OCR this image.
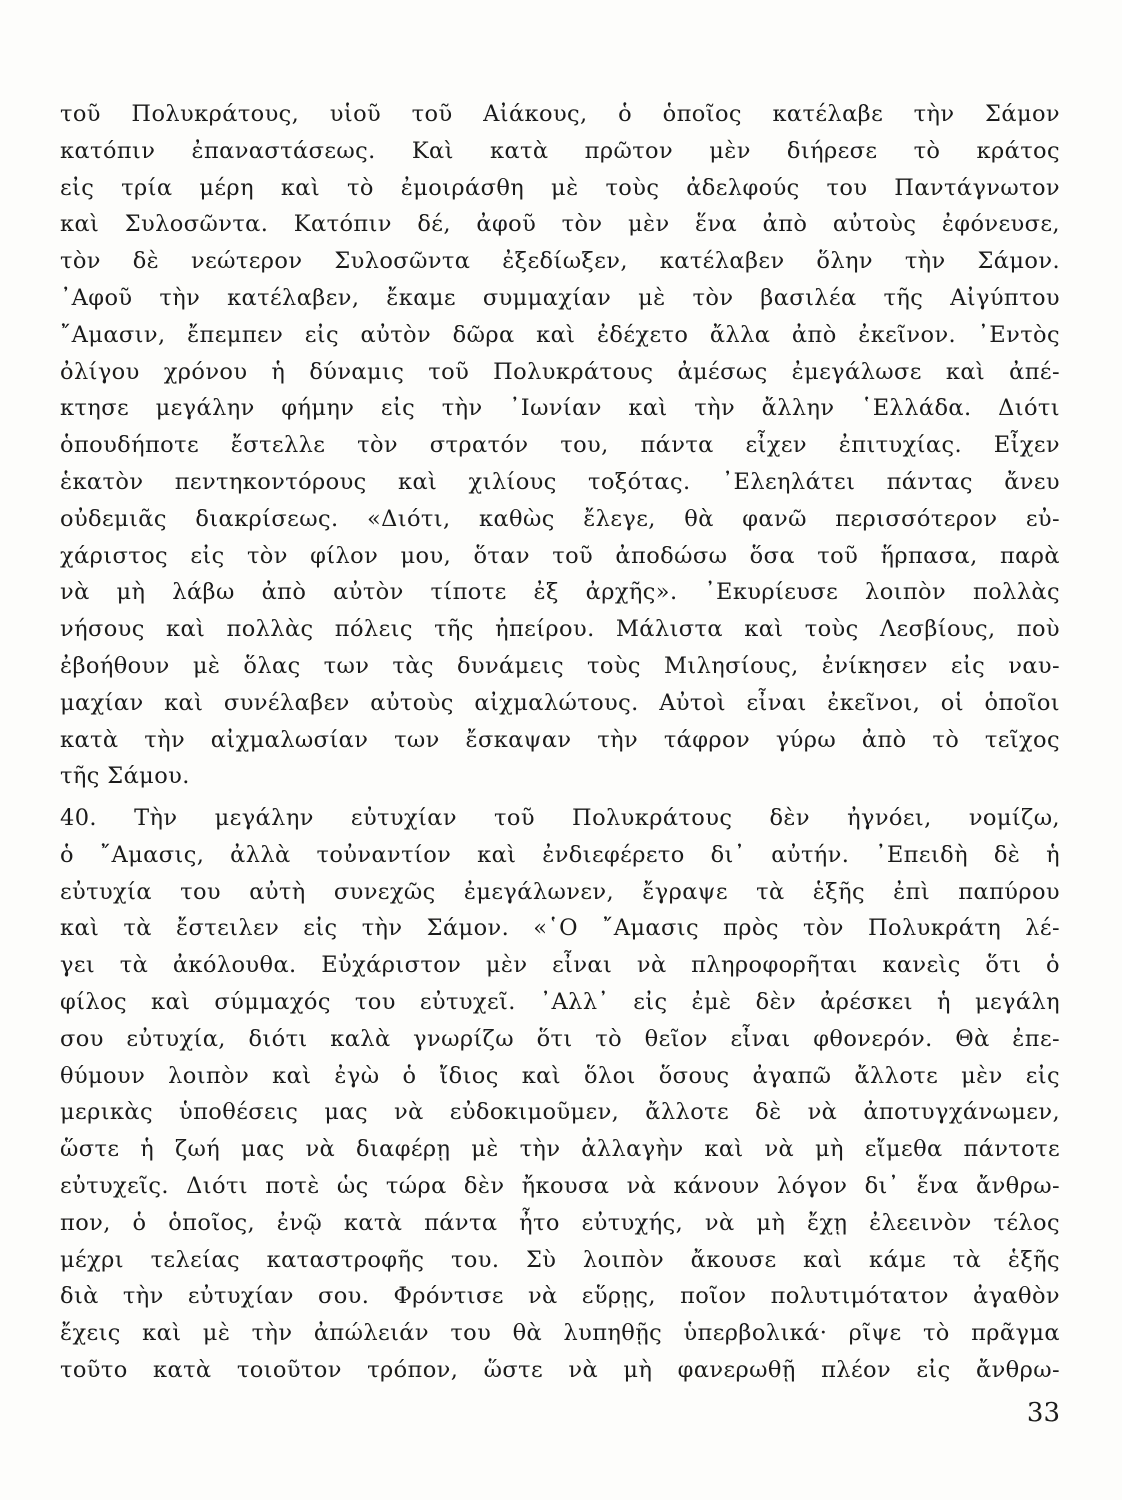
τοῦ Πολυκράτους, υἱοῦ τοῦ Αἰάκους, ὁ ὁποῖος κατέλαβε τὴν Σάμον
κατόπιν ἐπαναστάσεως. Καὶ κατὰ πρῶτον μὲν διήρεσε τὸ κράτος
εἰς τρία μέρη καὶ τὸ ἐμοιράσθη μὲ τοὺς ἀδελφούς του Παντάγνωτον
καὶ Συλοσῶντα. Κατόπιν δέ, ἀφοῦ τὸν μὲν ἕνα ἀπὸ αὐτοὺς ἐφόνευσε,
τὸν δὲ νεώτερον Συλοσῶντα ἐξεδίωξεν, κατέλαβεν ὅλην τὴν Σάμον.
᾿Αφοῦ τὴν κατέλαβεν, ἔκαμε συμμαχίαν μὲ τὸν βασιλέα τῆς Αἰγύπτου
῎Αμασιν, ἔπεμπεν εἰς αὐτὸν δῶρα καὶ ἐδέχετο ἄλλα ἀπὸ ἐκεῖνον. ᾿Εντὸς
ὀλίγου χρόνου ἡ δύναμις τοῦ Πολυκράτους ἀμέσως ἐμεγάλωσε καὶ ἀπέ-
κτησε μεγάλην φήμην εἰς τὴν ᾿Ιωνίαν καὶ τὴν ἄλλην ῾Ελλάδα. Διότι
ὁπουδήποτε ἔστελλε τὸν στρατόν του, πάντα εἶχεν ἐπιτυχίας. Εἶχεν
ἑκατὸν πεντηκοντόρους καὶ χιλίους τοξότας. ᾿Ελεηλάτει πάντας ἄνευ
οὐδεμιᾶς διακρίσεως. «Διότι, καθὼς ἔλεγε, θὰ φανῶ περισσότερον εὐ-
χάριστος εἰς τὸν φίλον μου, ὅταν τοῦ ἀποδώσω ὅσα τοῦ ἥρπασα, παρὰ
νὰ μὴ λάβω ἀπὸ αὐτὸν τίποτε ἐξ ἀρχῆς». ᾿Εκυρίευσε λοιπὸν πολλὰς
νήσους καὶ πολλὰς πόλεις τῆς ἠπείρου. Μάλιστα καὶ τοὺς Λεσβίους, ποὺ
ἐβοήθουν μὲ ὅλας των τὰς δυνάμεις τοὺς Μιλησίους, ἐνίκησεν εἰς ναυ-
μαχίαν καὶ συνέλαβεν αὐτοὺς αἰχμαλώτους. Αὐτοὶ εἶναι ἐκεῖνοι, οἱ ὁποῖοι
κατὰ τὴν αἰχμαλωσίαν των ἔσκαψαν τὴν τάφρον γύρω ἀπὸ τὸ τεῖχος
τῆς Σάμου.
40. Τὴν μεγάλην εὐτυχίαν τοῦ Πολυκράτους δὲν ἠγνόει, νομίζω,
ὁ ῎Αμασις, ἀλλὰ τοὐναντίον καὶ ἐνδιεφέρετο δι᾿ αὐτήν. ᾿Επειδὴ δὲ ἡ
εὐτυχία του αὐτὴ συνεχῶς ἐμεγάλωνεν, ἔγραψε τὰ ἑξῆς ἐπὶ παπύρου
καὶ τὰ ἔστειλεν εἰς τὴν Σάμον. «῾Ο ῎Αμασις πρὸς τὸν Πολυκράτη λέ-
γει τὰ ἀκόλουθα. Εὐχάριστον μὲν εἶναι νὰ πληροφορῆται κανεὶς ὅτι ὁ
φίλος καὶ σύμμαχός του εὐτυχεῖ. ᾿Αλλ᾿ εἰς ἐμὲ δὲν ἀρέσκει ἡ μεγάλη
σου εὐτυχία, διότι καλὰ γνωρίζω ὅτι τὸ θεῖον εἶναι φθονερόν. Θὰ ἐπε-
θύμουν λοιπὸν καὶ ἐγὼ ὁ ἴδιος καὶ ὅλοι ὅσους ἀγαπῶ ἄλλοτε μὲν εἰς
μερικὰς ὑποθέσεις μας νὰ εὐδοκιμοῦμεν, ἄλλοτε δὲ νὰ ἀποτυγχάνωμεν,
ὥστε ἡ ζωή μας νὰ διαφέρῃ μὲ τὴν ἀλλαγὴν καὶ νὰ μὴ εἴμεθα πάντοτε
εὐτυχεῖς. Διότι ποτὲ ὡς τώρα δὲν ἤκουσα νὰ κάνουν λόγον δι᾿ ἕνα ἄνθρω-
πον, ὁ ὁποῖος, ἐνῷ κατὰ πάντα ἦτο εὐτυχής, νὰ μὴ ἔχῃ ἐλεεινὸν τέλος
μέχρι τελείας καταστροφῆς του. Σὺ λοιπὸν ἄκουσε καὶ κάμε τὰ ἑξῆς
διὰ τὴν εὐτυχίαν σου. Φρόντισε νὰ εὕρῃς, ποῖον πολυτιμότατον ἀγαθὸν
ἔχεις καὶ μὲ τὴν ἀπώλειάν του θὰ λυπηθῇς ὑπερβολικά· ρῖψε τὸ πρᾶγμα
τοῦτο κατὰ τοιοῦτον τρόπον, ὥστε νὰ μὴ φανερωθῇ πλέον εἰς ἄνθρω-
33
